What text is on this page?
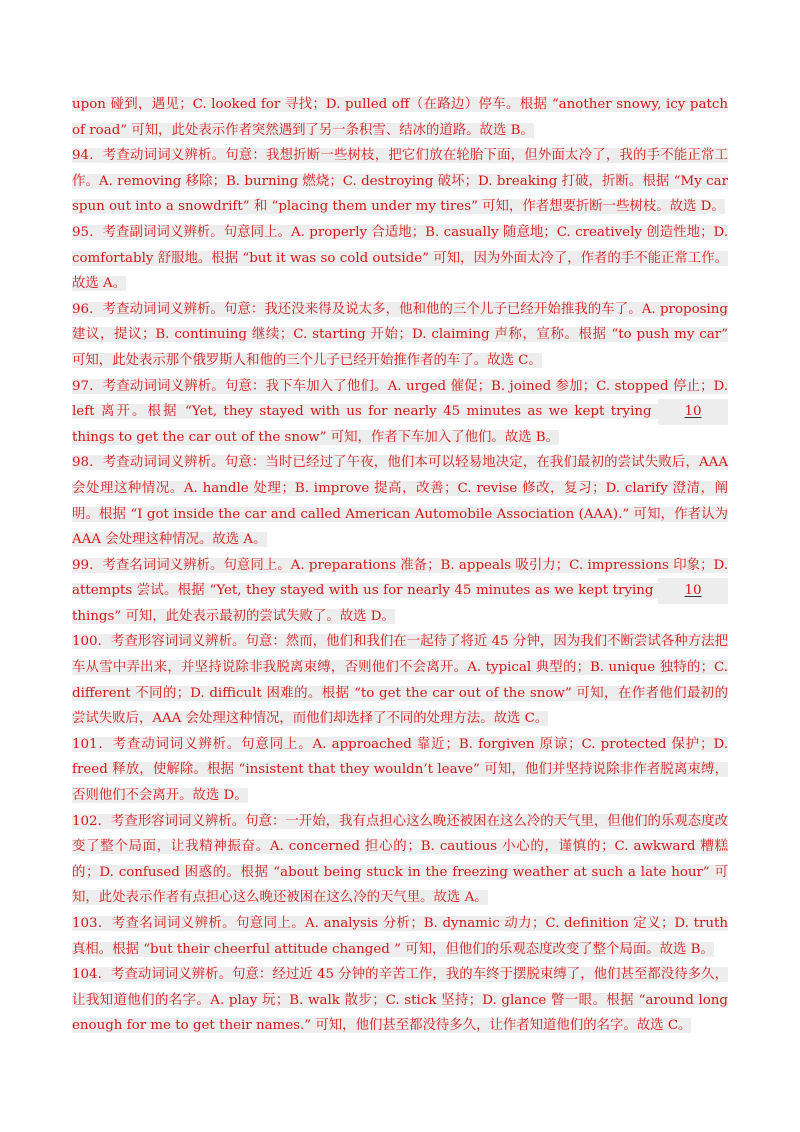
upon 碰到，遇见；C. looked for 寻找；D. pulled off（在路边）停车。根据 “another snowy, icy patch of road” 可知，此处表示作者突然遇到了另一条积雪、结冰的道路。故选 B。

94．考查动词词义辨析。句意：我想折断一些树枝，把它们放在轮胎下面，但外面太冷了，我的手不能正常工作。A. removing 移除；B. burning 燃烧；C. destroying 破坏；D. breaking 打破，折断。根据 “My car spun out into a snowdrift” 和 “placing them under my tires” 可知，作者想要折断一些树枝。故选 D。

95．考查副词词义辨析。句意同上。A. properly 合适地；B. casually 随意地；C. creatively 创造性地；D. comfortably 舒服地。根据 “but it was so cold outside” 可知，因为外面太冷了，作者的手不能正常工作。故选 A。

96．考查动词词义辨析。句意：我还没来得及说太多，他和他的三个儿子已经开始推我的车了。A. proposing 建议，提议；B. continuing 继续；C. starting 开始；D. claiming 声称，宣称。根据 “to push my car” 可知，此处表示那个俄罗斯人和他的三个儿子已经开始推作者的车了。故选 C。

97．考查动词词义辨析。句意：我下车加入了他们。A. urged 催促；B. joined 参加；C. stopped 停止；D. left 离开。根据 “Yet, they stayed with us for nearly 45 minutes as we kept trying 10 things to get the car out of the snow” 可知，作者下车加入了他们。故选 B。

98．考查动词词义辨析。句意：当时已经过了午夜，他们本可以轻易地决定，在我们最初的尝试失败后，AAA 会处理这种情况。A. handle 处理；B. improve 提高，改善；C. revise 修改，复习；D. clarify 澄清，阐明。根据 “I got inside the car and called American Automobile Association (AAA).” 可知，作者认为 AAA 会处理这种情况。故选 A。

99．考查名词词义辨析。句意同上。A. preparations 准备；B. appeals 吸引力；C. impressions 印象；D. attempts 尝试。根据 “Yet, they stayed with us for nearly 45 minutes as we kept trying 10 things” 可知，此处表示最初的尝试失败了。故选 D。

100．考查形容词词义辨析。句意：然而，他们和我们在一起待了将近 45 分钟，因为我们不断尝试各种方法把车从雪中弄出来，并坚持说除非我脱离束缚，否则他们不会离开。A. typical 典型的；B. unique 独特的；C. different 不同的；D. difficult 困难的。根据 “to get the car out of the snow” 可知，在作者他们最初的尝试失败后，AAA 会处理这种情况，而他们却选择了不同的处理方法。故选 C。

101．考查动词词义辨析。句意同上。A. approached 靠近；B. forgiven 原谅；C. protected 保护；D. freed 释放，使解除。根据 “insistent that they wouldn’t leave” 可知，他们并坚持说除非作者脱离束缚，否则他们不会离开。故选 D。

102．考查形容词词义辨析。句意：一开始，我有点担心这么晚还被困在这么冷的天气里，但他们的乐观态度改变了整个局面，让我精神振奋。A. concerned 担心的；B. cautious 小心的，谨慎的；C. awkward 糟糕的；D. confused 困惑的。根据 “about being stuck in the freezing weather at such a late hour” 可知，此处表示作者有点担心这么晚还被困在这么冷的天气里。故选 A。

103．考查名词词义辨析。句意同上。A. analysis 分析；B. dynamic 动力；C. definition 定义；D. truth 真相。根据 “but their cheerful attitude changed ” 可知，但他们的乐观态度改变了整个局面。故选 B。

104．考查动词词义辨析。句意：经过近 45 分钟的辛苦工作，我的车终于摆脱束缚了，他们甚至都没待多久，让我知道他们的名字。A. play 玩；B. walk 散步；C. stick 坚持；D. glance 瞥一眼。根据 “around long enough for me to get their names.” 可知，他们甚至都没待多久，让作者知道他们的名字。故选 C。
